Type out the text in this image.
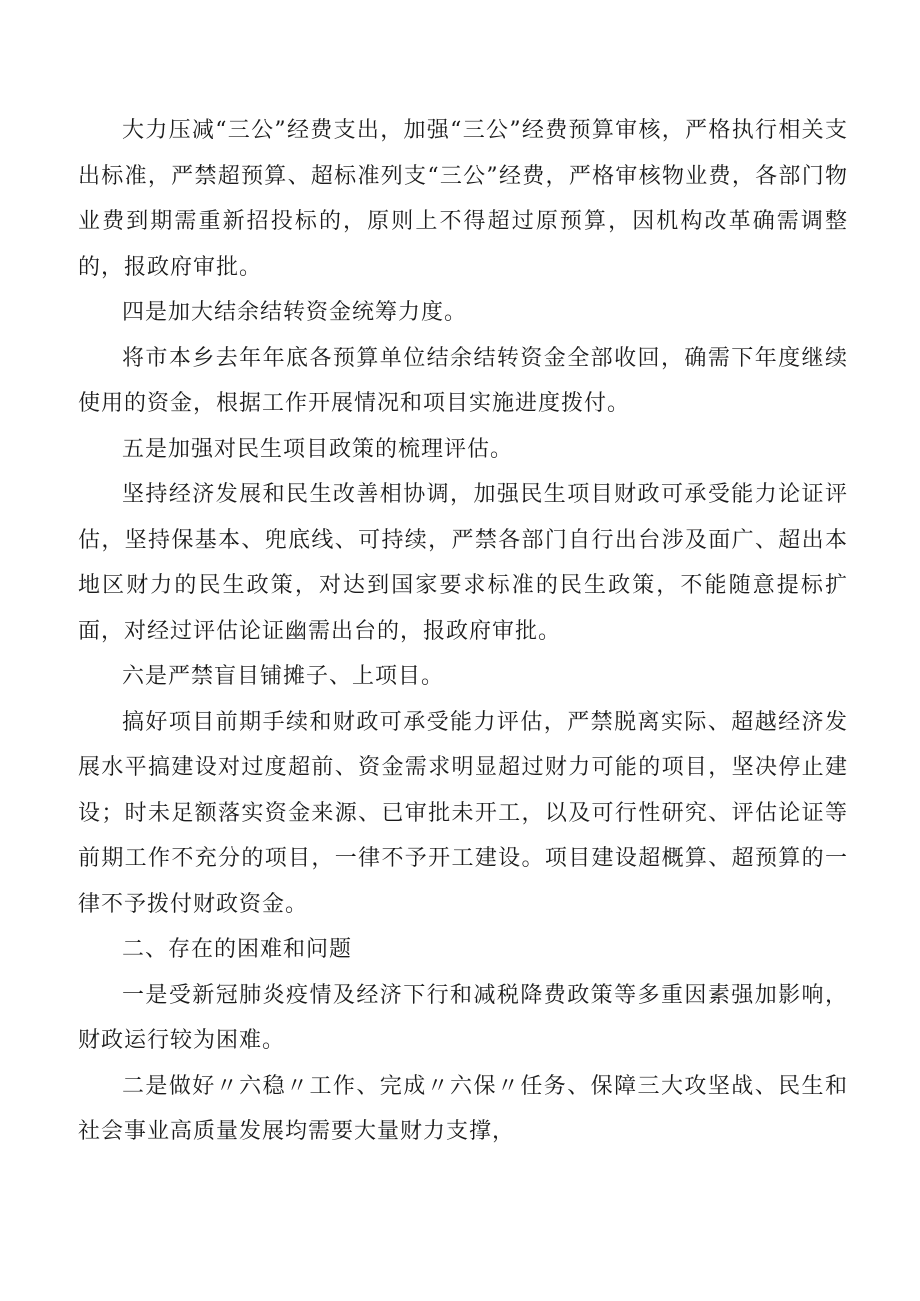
大力压减“三公”经费支出，加强“三公”经费预算审核，严格执行相关支出标准，严禁超预算、超标准列支“三公”经费，严格审核物业费，各部门物业费到期需重新招投标的，原则上不得超过原预算，因机构改革确需调整的，报政府审批。

四是加大结余结转资金统筹力度。

将市本乡去年年底各预算单位结余结转资金全部收回，确需下年度继续使用的资金，根据工作开展情况和项目实施进度拨付。

五是加强对民生项目政策的梳理评估。

坚持经济发展和民生改善相协调，加强民生项目财政可承受能力论证评估，坚持保基本、兜底线、可持续，严禁各部门自行出台涉及面广、超出本地区财力的民生政策，对达到国家要求标准的民生政策，不能随意提标扩面，对经过评估论证幽需出台的，报政府审批。

六是严禁盲目铺摊子、上项目。

搞好项目前期手续和财政可承受能力评估，严禁脱离实际、超越经济发展水平搞建设对过度超前、资金需求明显超过财力可能的项目，坚决停止建设；时未足额落实资金来源、已审批未开工，以及可行性研究、评估论证等前期工作不充分的项目，一律不予开工建设。项目建设超概算、超预算的一律不予拨付财政资金。

二、存在的困难和问题

一是受新冠肺炎疫情及经济下行和减税降费政策等多重因素强加影响，财政运行较为困难。

二是做好〃六稳〃工作、完成〃六保〃任务、保障三大攻坚战、民生和社会事业高质量发展均需要大量财力支撑，
